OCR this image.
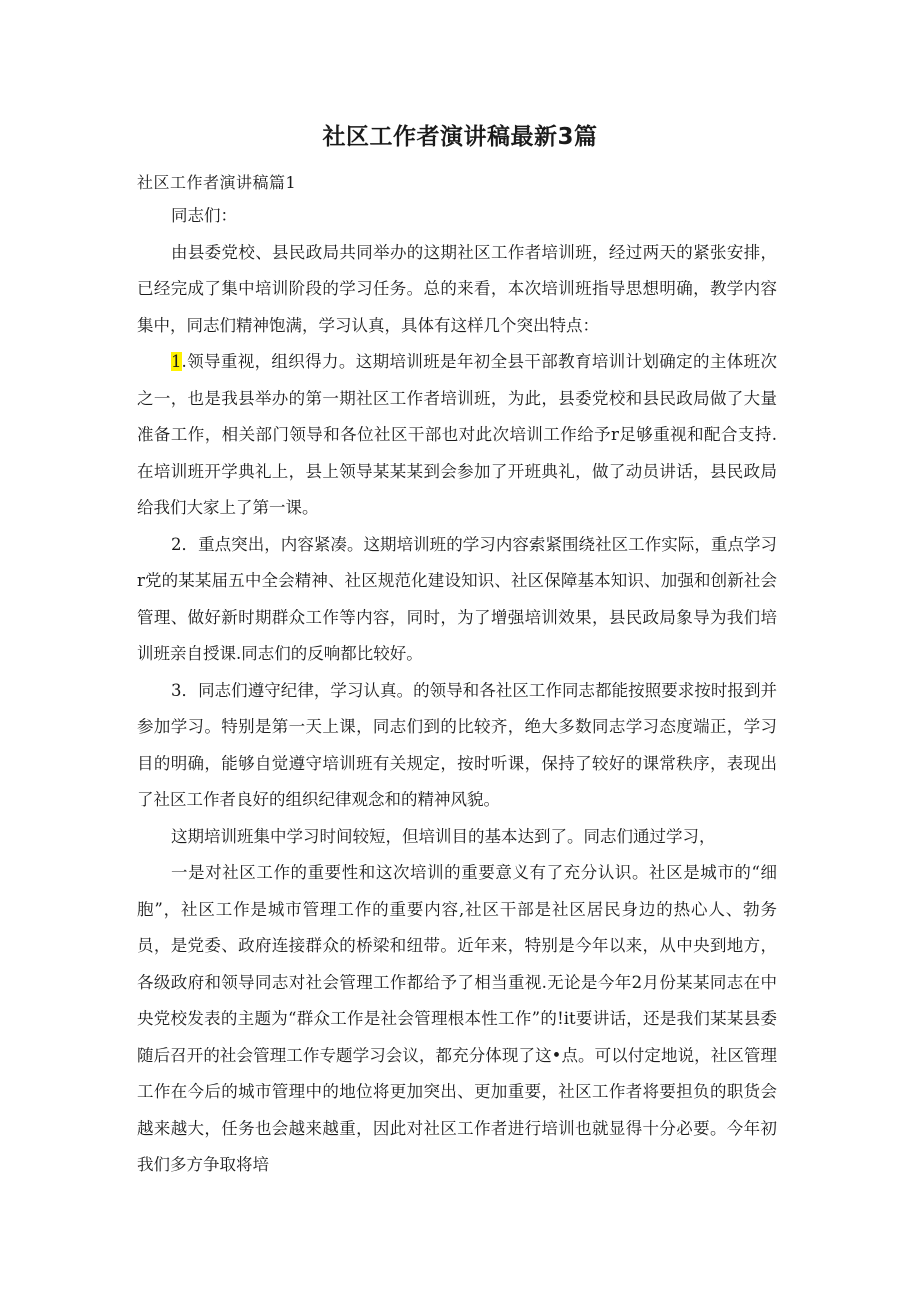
社区工作者演讲稿最新3篇
社区工作者演讲稿篇1

同志们：

由县委党校、县民政局共同举办的这期社区工作者培训班，经过两天的紧张安排，已经完成了集中培训阶段的学习任务。总的来看，本次培训班指导思想明确，教学内容集中，同志们精神饱满，学习认真，具体有这样几个突出特点：

1.领导重视，组织得力。这期培训班是年初全县干部教育培训计划确定的主体班次之一，也是我县举办的第一期社区工作者培训班，为此，县委党校和县民政局做了大量准备工作，相关部门领导和各位社区干部也对此次培训工作给予r足够重视和配合支持.在培训班开学典礼上，县上领导某某某到会参加了开班典礼，做了动员讲话，县民政局给我们大家上了第一课。

2．重点突出，内容紧凑。这期培训班的学习内容索紧围绕社区工作实际，重点学习r党的某某届五中全会精神、社区规范化建设知识、社区保障基本知识、加强和创新社会管理、做好新时期群众工作等内容，同时，为了增强培训效果，县民政局象导为我们培训班亲自授课.同志们的反响都比较好。

3．同志们遵守纪律，学习认真。的领导和各社区工作同志都能按照要求按时报到并参加学习。特别是第一天上课，同志们到的比较齐，绝大多数同志学习态度端正，学习目的明确，能够自觉遵守培训班有关规定，按时听课，保持了较好的课常秩序，表现出了社区工作者良好的组织纪律观念和的精神风貌。

这期培训班集中学习时间较短，但培训目的基本达到了。同志们通过学习，

一是对社区工作的重要性和这次培训的重要意义有了充分认识。社区是城市的“细胞”，社区工作是城市管理工作的重要内容,社区干部是社区居民身边的热心人、勃务员，是党委、政府连接群众的桥梁和纽带。近年来，特别是今年以来，从中央到地方，各级政府和领导同志对社会管理工作都给予了相当重视.无论是今年2月份某某同志在中央党校发表的主题为“群众工作是社会管理根本性工作”的!it要讲话，还是我们某某县委随后召开的社会管理工作专题学习会议，都充分体现了这•点。可以付定地说，社区管理工作在今后的城市管理中的地位将更加突出、更加重要，社区工作者将要担负的职货会越来越大，任务也会越来越重，因此对社区工作者进行培训也就显得十分必要。今年初我们多方争取将培
